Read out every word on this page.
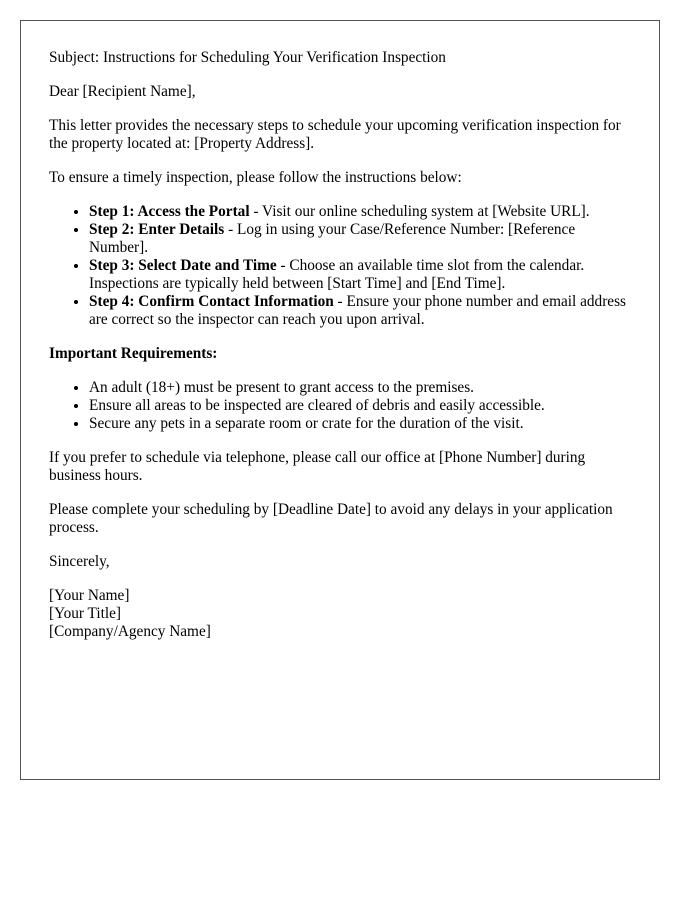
Subject: Instructions for Scheduling Your Verification Inspection

Dear [Recipient Name],

This letter provides the necessary steps to schedule your upcoming verification inspection for the property located at: [Property Address].

To ensure a timely inspection, please follow the instructions below:

• Step 1: Access the Portal - Visit our online scheduling system at [Website URL].
• Step 2: Enter Details - Log in using your Case/Reference Number: [Reference Number].
• Step 3: Select Date and Time - Choose an available time slot from the calendar. Inspections are typically held between [Start Time] and [End Time].
• Step 4: Confirm Contact Information - Ensure your phone number and email address are correct so the inspector can reach you upon arrival.

Important Requirements:

• An adult (18+) must be present to grant access to the premises.
• Ensure all areas to be inspected are cleared of debris and easily accessible.
• Secure any pets in a separate room or crate for the duration of the visit.

If you prefer to schedule via telephone, please call our office at [Phone Number] during business hours.

Please complete your scheduling by [Deadline Date] to avoid any delays in your application process.

Sincerely,

[Your Name]
[Your Title]
[Company/Agency Name]
